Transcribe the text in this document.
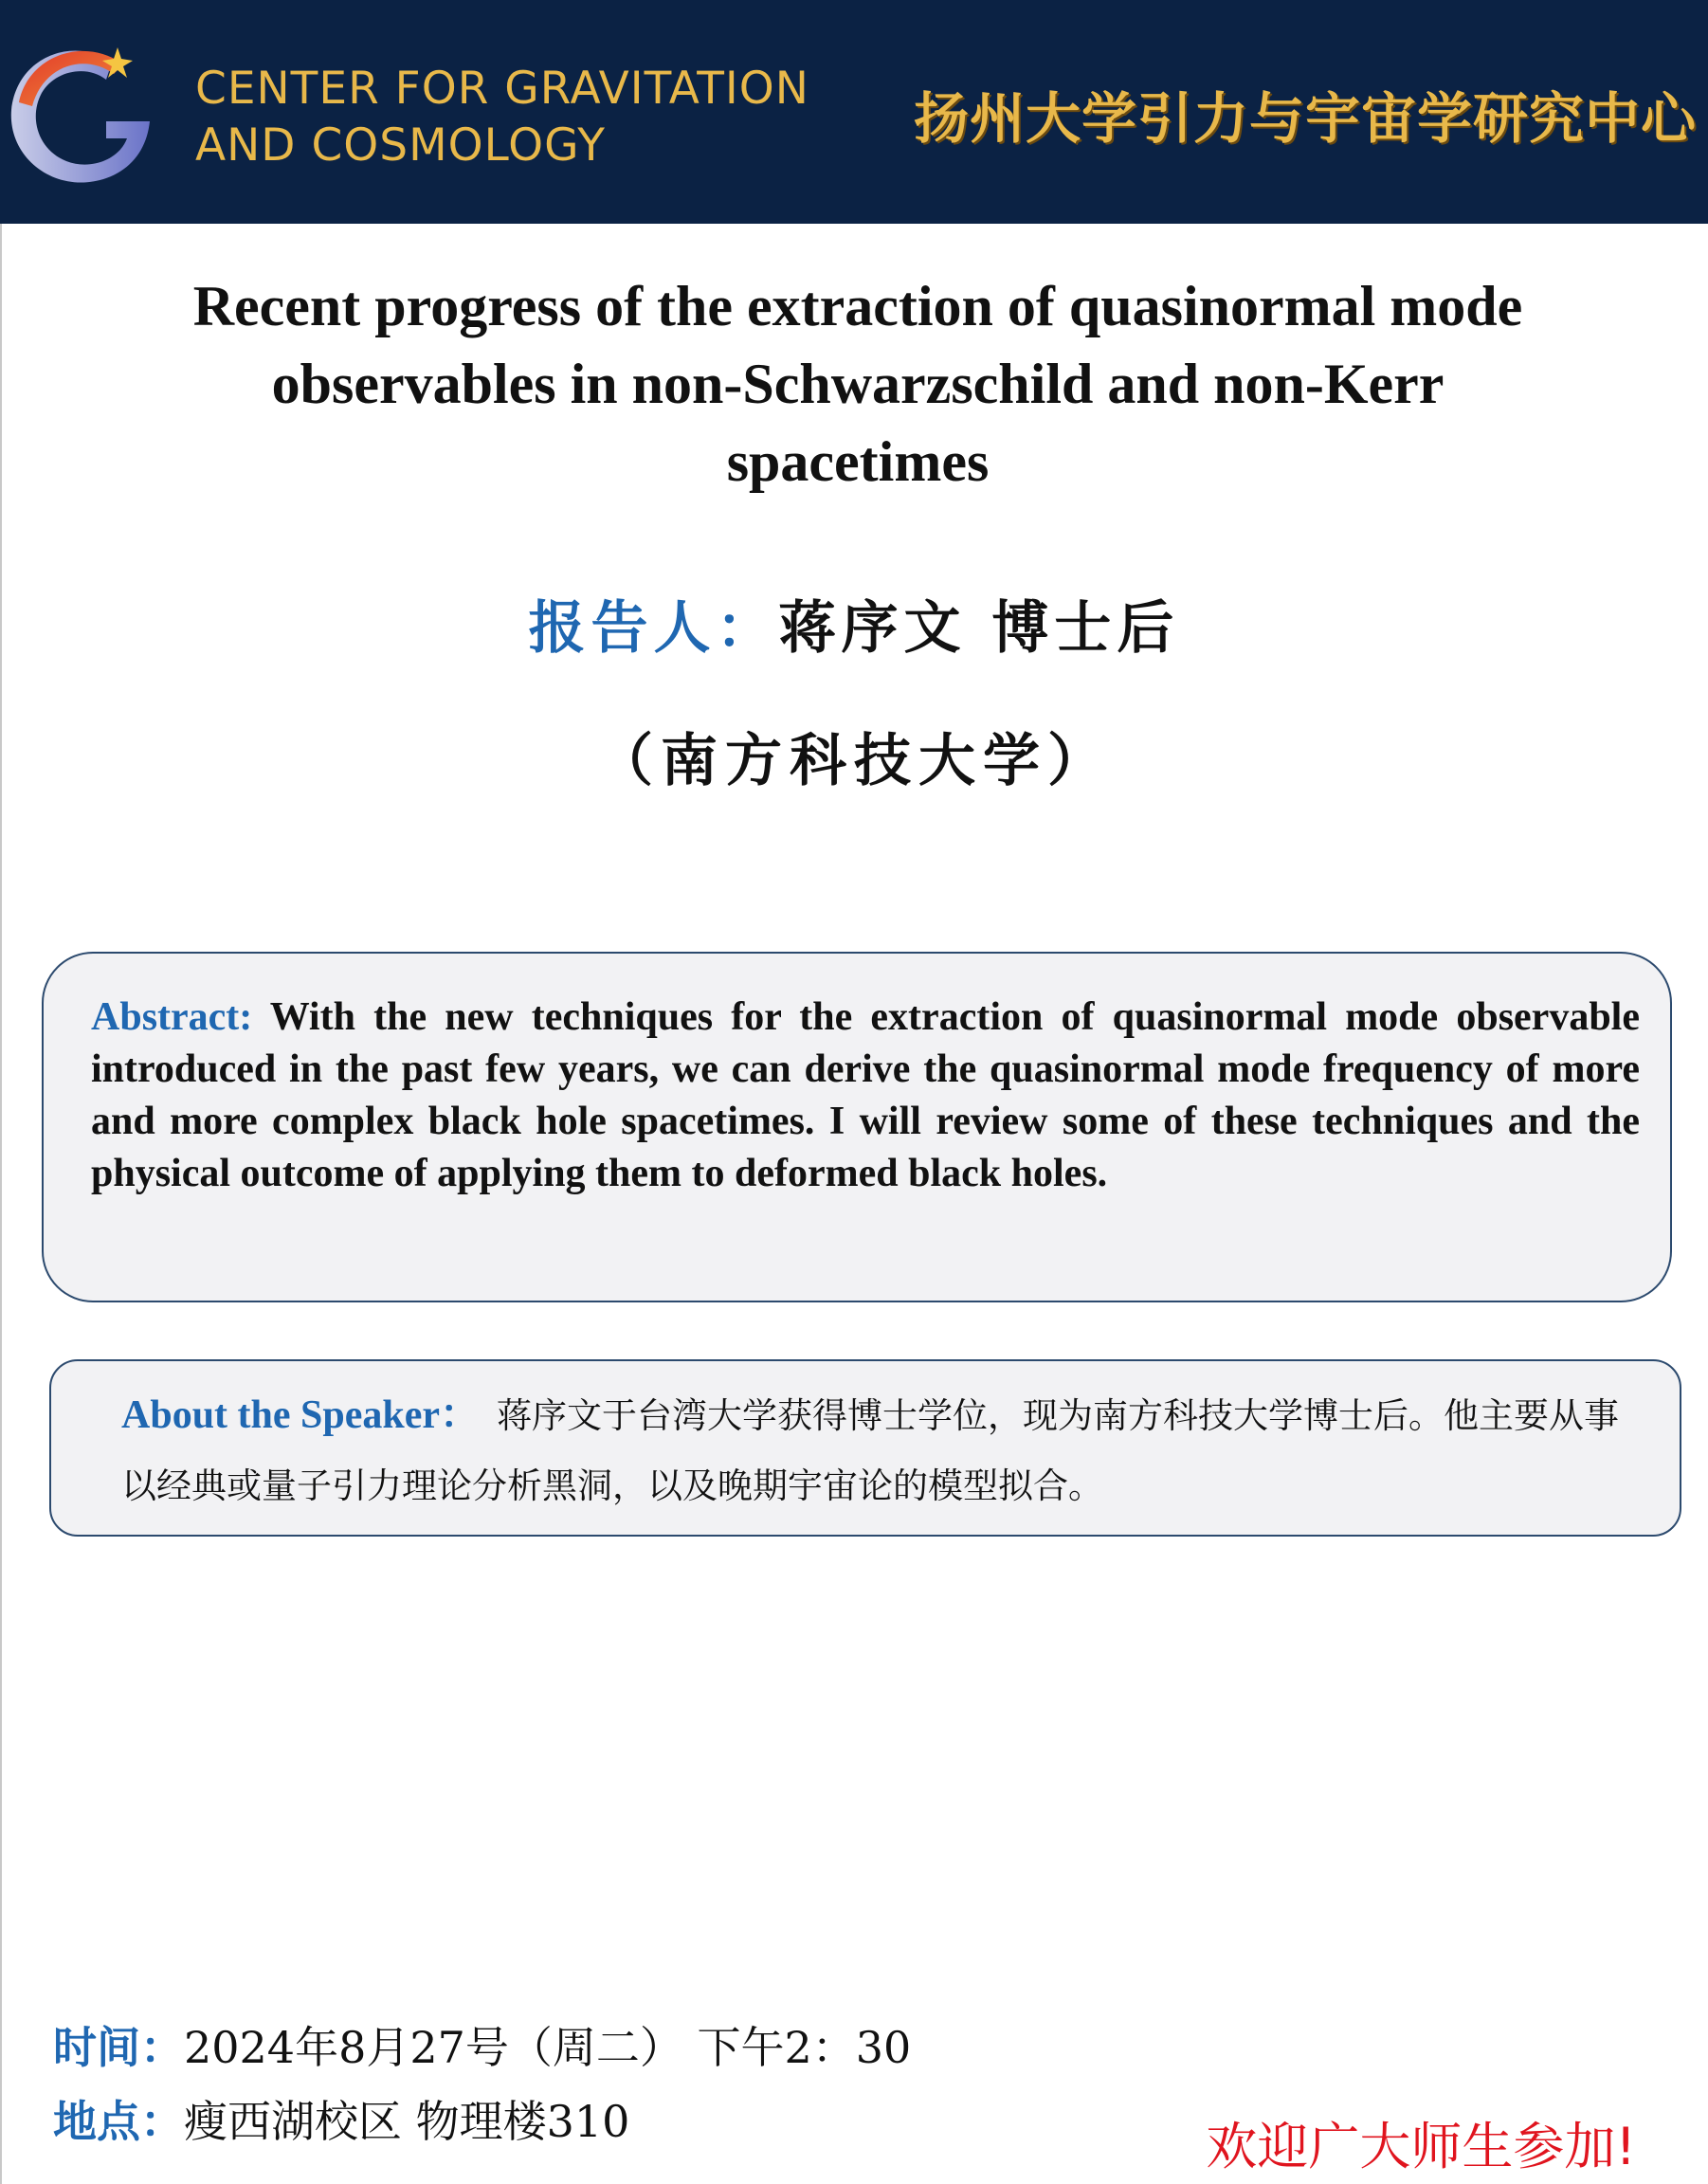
CENTER FOR GRAVITATION
AND COSMOLOGY	扬州大学引力与宇宙学研究中心
Recent progress of the extraction of quasinormal mode
observables in non-Schwarzschild and non-Kerr
spacetimes
报告人：蒋序文 博士后
（南方科技大学）
Abstract: With the new techniques for the extraction of quasinormal mode observable introduced in the past few years, we can derive the quasinormal mode frequency of more and more complex black hole spacetimes. I will review some of these techniques and the physical outcome of applying them to deformed black holes.
About the Speaker： 蒋序文于台湾大学获得博士学位，现为南方科技大学博士后。他主要从事以经典或量子引力理论分析黑洞，以及晚期宇宙论的模型拟合。
时间：2024年8月27号（周二） 下午2：30
地点：瘦西湖校区 物理楼310	欢迎广大师生参加!
